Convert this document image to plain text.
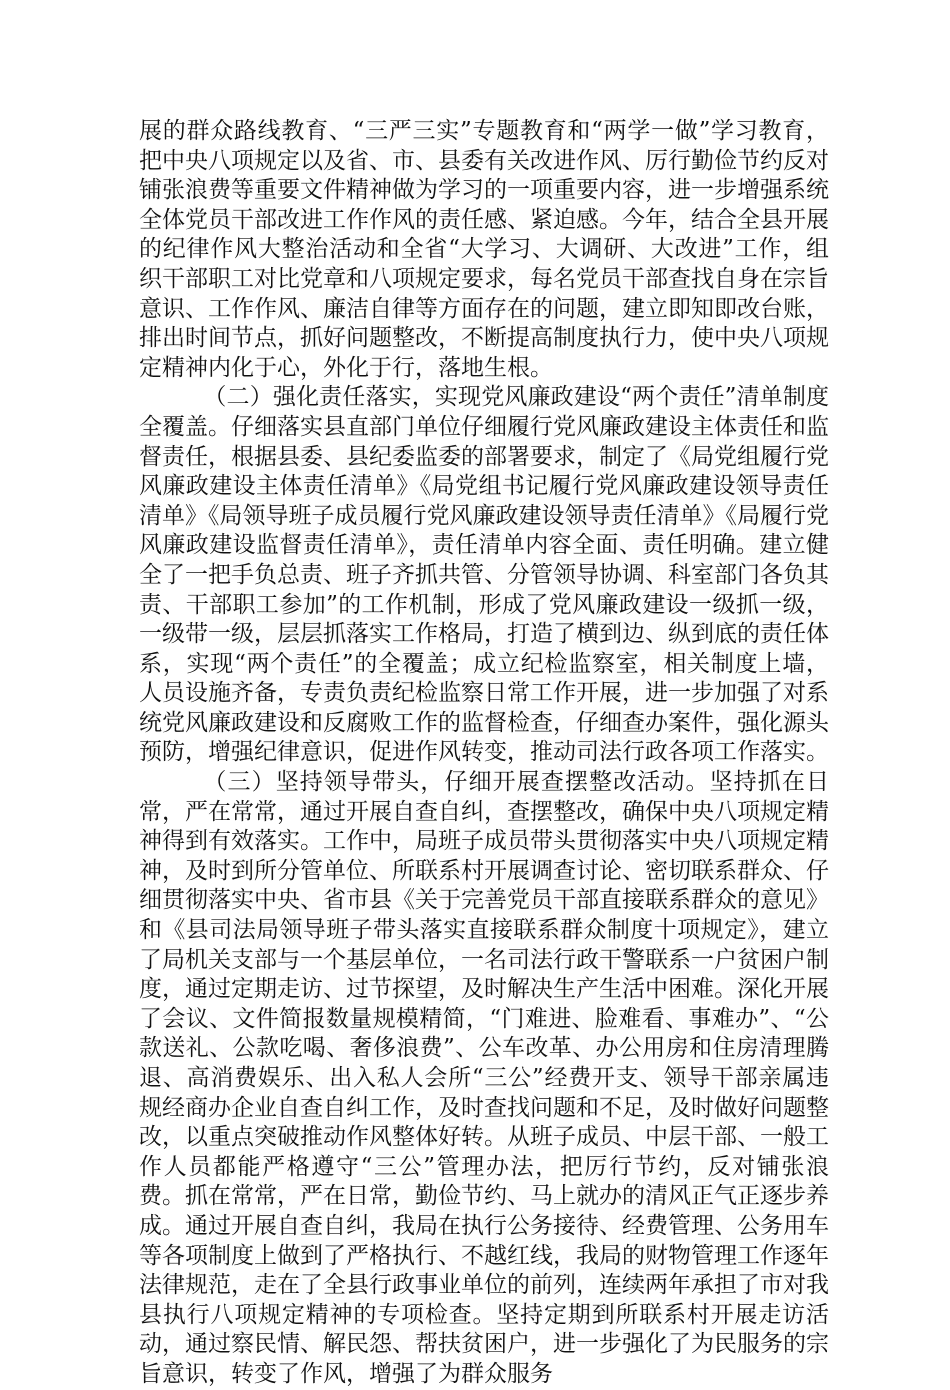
展的群众路线教育、“三严三实”专题教育和“两学一做”学习教育，把中央八项规定以及省、市、县委有关改进作风、厉行勤俭节约反对铺张浪费等重要文件精神做为学习的一项重要内容，进一步增强系统全体党员干部改进工作作风的责任感、紧迫感。今年，结合全县开展的纪律作风大整治活动和全省“大学习、大调研、大改进”工作，组织干部职工对比党章和八项规定要求，每名党员干部查找自身在宗旨意识、工作作风、廉洁自律等方面存在的问题，建立即知即改台账，排出时间节点，抓好问题整改，不断提高制度执行力，使中央八项规定精神内化于心，外化于行，落地生根。

（二）强化责任落实，实现党风廉政建设“两个责任”清单制度全覆盖。仔细落实县直部门单位仔细履行党风廉政建设主体责任和监督责任，根据县委、县纪委监委的部署要求，制定了《局党组履行党风廉政建设主体责任清单》《局党组书记履行党风廉政建设领导责任清单》《局领导班子成员履行党风廉政建设领导责任清单》《局履行党风廉政建设监督责任清单》，责任清单内容全面、责任明确。建立健全了一把手负总责、班子齐抓共管、分管领导协调、科室部门各负其责、干部职工参加”的工作机制，形成了党风廉政建设一级抓一级，一级带一级，层层抓落实工作格局，打造了横到边、纵到底的责任体系，实现“两个责任”的全覆盖；成立纪检监察室，相关制度上墙，人员设施齐备，专责负责纪检监察日常工作开展，进一步加强了对系统党风廉政建设和反腐败工作的监督检查，仔细查办案件，强化源头预防，增强纪律意识，促进作风转变，推动司法行政各项工作落实。

（三）坚持领导带头，仔细开展查摆整改活动。坚持抓在日常，严在常常，通过开展自查自纠，查摆整改，确保中央八项规定精神得到有效落实。工作中，局班子成员带头贯彻落实中央八项规定精神，及时到所分管单位、所联系村开展调查讨论、密切联系群众、仔细贯彻落实中央、省市县《关于完善党员干部直接联系群众的意见》和《县司法局领导班子带头落实直接联系群众制度十项规定》，建立了局机关支部与一个基层单位，一名司法行政干警联系一户贫困户制度，通过定期走访、过节探望，及时解决生产生活中困难。深化开展了会议、文件简报数量规模精简，“门难进、脸难看、事难办”、“公款送礼、公款吃喝、奢侈浪费”、公车改革、办公用房和住房清理腾退、高消费娱乐、出入私人会所“三公”经费开支、领导干部亲属违规经商办企业自查自纠工作，及时查找问题和不足，及时做好问题整改，以重点突破推动作风整体好转。从班子成员、中层干部、一般工作人员都能严格遵守“三公”管理办法，把厉行节约，反对铺张浪费。抓在常常，严在日常，勤俭节约、马上就办的清风正气正逐步养成。通过开展自查自纠，我局在执行公务接待、经费管理、公务用车等各项制度上做到了严格执行、不越红线，我局的财物管理工作逐年法律规范，走在了全县行政事业单位的前列，连续两年承担了市对我县执行八项规定精神的专项检查。坚持定期到所联系村开展走访活动，通过察民情、解民怨、帮扶贫困户，进一步强化了为民服务的宗旨意识，转变了作风，增强了为群众服务
